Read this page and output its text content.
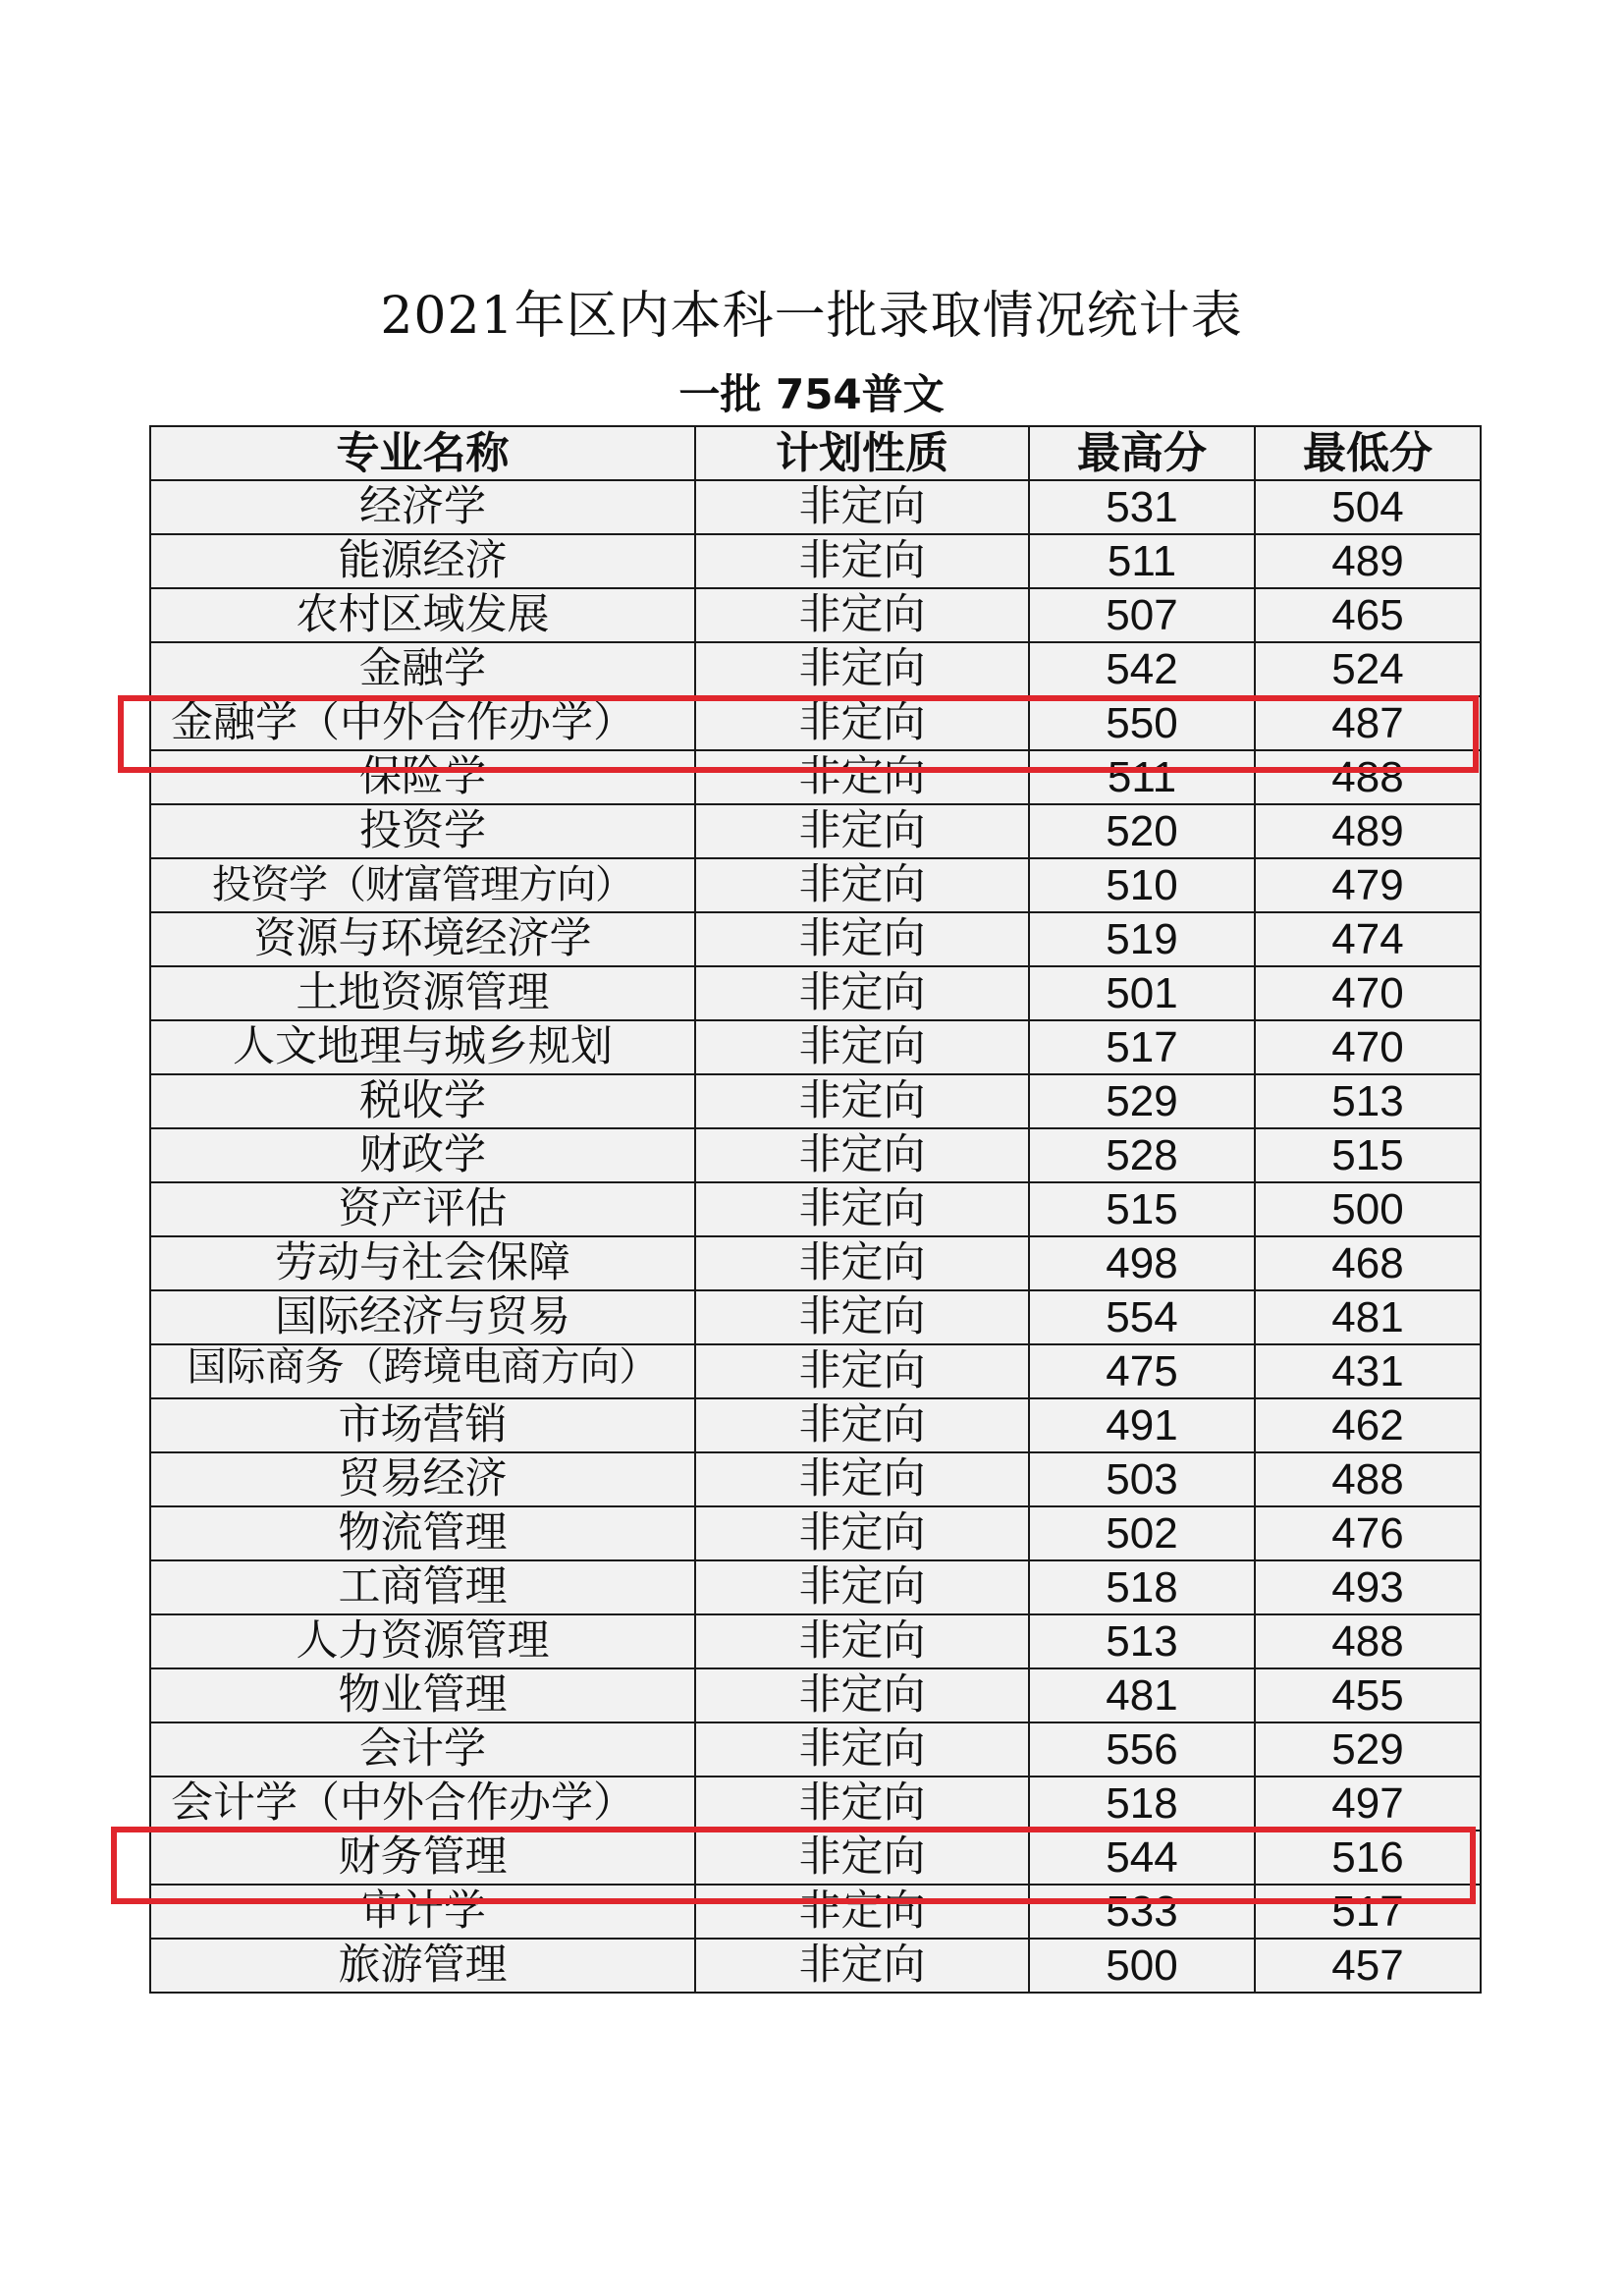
2021年区内本科一批录取情况统计表
一批 754普文
专业名称	计划性质	最高分	最低分
经济学	非定向	531	504
能源经济	非定向	511	489
农村区域发展	非定向	507	465
金融学	非定向	542	524
金融学（中外合作办学）	非定向	550	487
保险学	非定向	511	488
投资学	非定向	520	489
投资学（财富管理方向）	非定向	510	479
资源与环境经济学	非定向	519	474
土地资源管理	非定向	501	470
人文地理与城乡规划	非定向	517	470
税收学	非定向	529	513
财政学	非定向	528	515
资产评估	非定向	515	500
劳动与社会保障	非定向	498	468
国际经济与贸易	非定向	554	481
国际商务（跨境电商方向）	非定向	475	431
市场营销	非定向	491	462
贸易经济	非定向	503	488
物流管理	非定向	502	476
工商管理	非定向	518	493
人力资源管理	非定向	513	488
物业管理	非定向	481	455
会计学	非定向	556	529
会计学（中外合作办学）	非定向	518	497
财务管理	非定向	544	516
审计学	非定向	533	517
旅游管理	非定向	500	457
